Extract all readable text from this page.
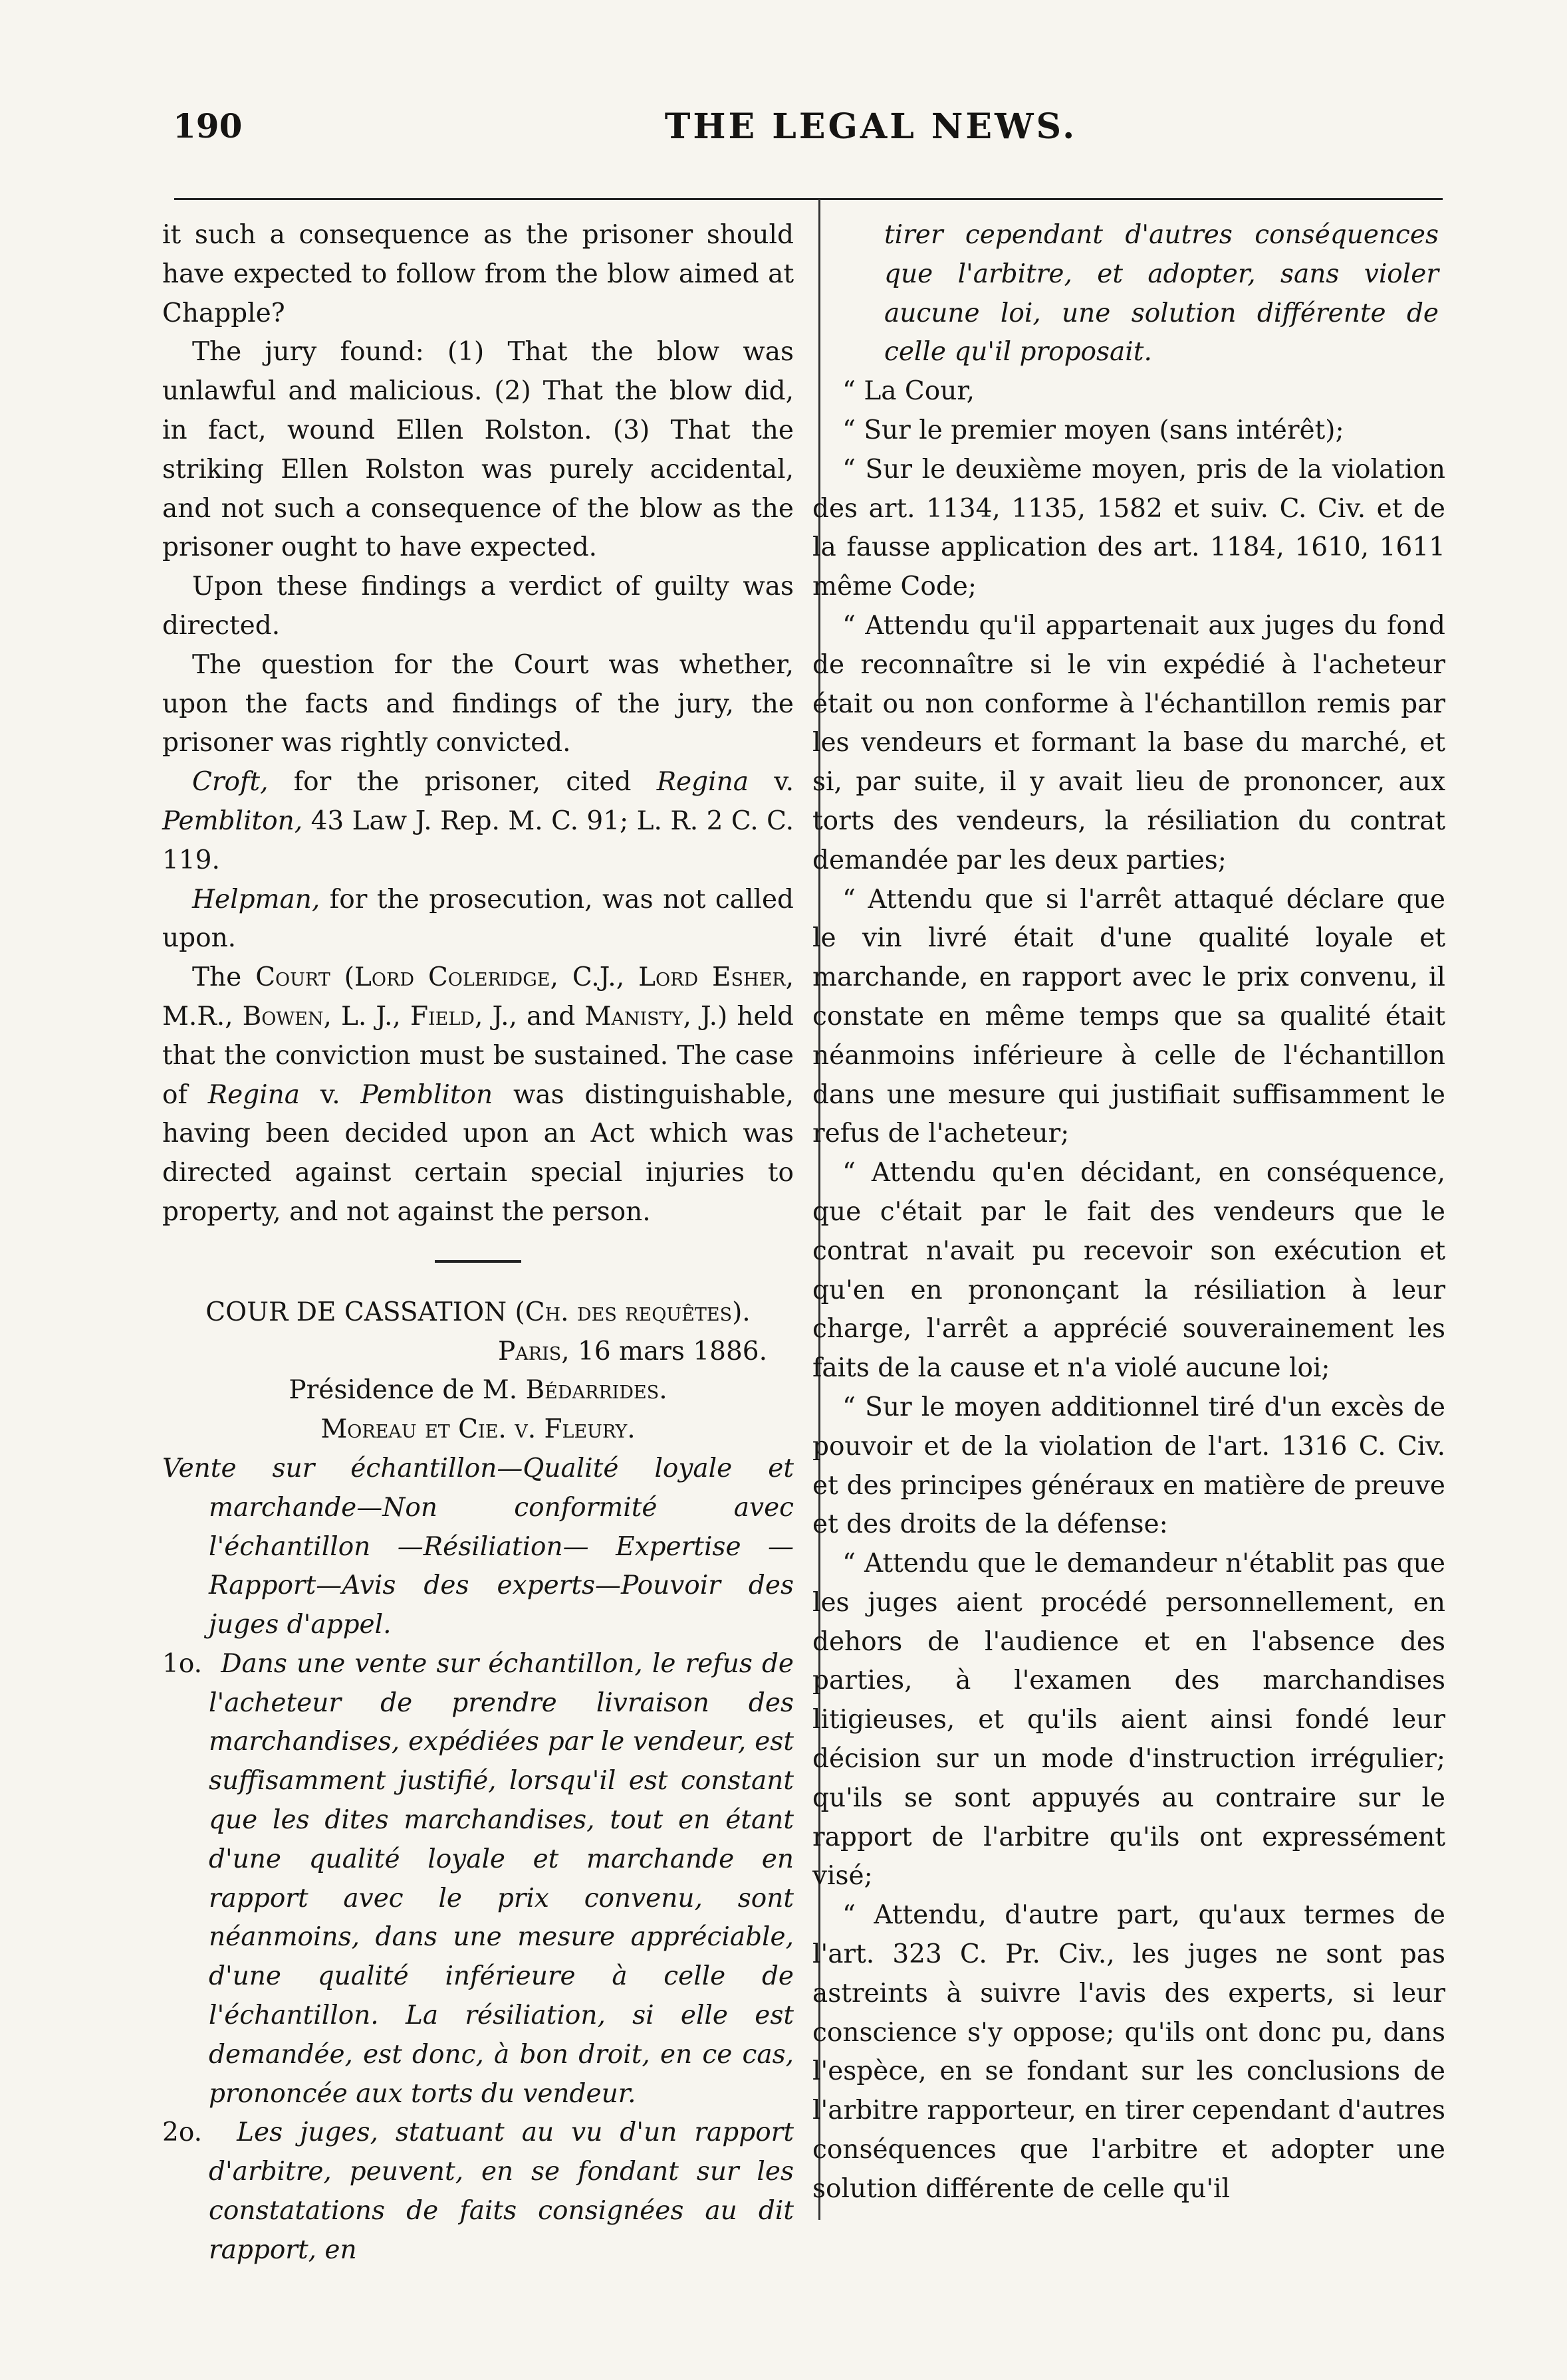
190	THE LEGAL NEWS.

it such a consequence as the prisoner should have expected to follow from the blow aimed at Chapple?

The jury found: (1) That the blow was unlawful and malicious. (2) That the blow did, in fact, wound Ellen Rolston. (3) That the striking Ellen Rolston was purely accidental, and not such a consequence of the blow as the prisoner ought to have expected.

Upon these findings a verdict of guilty was directed.

The question for the Court was whether, upon the facts and findings of the jury, the prisoner was rightly convicted.

Croft, for the prisoner, cited Regina v. Pembliton, 43 Law J. Rep. M. C. 91; L. R. 2 C. C. 119.

Helpman, for the prosecution, was not called upon.

The Court (Lord Coleridge, C.J., Lord Esher, M.R., Bowen, L. J., Field, J., and Manisty, J.) held that the conviction must be sustained. The case of Regina v. Pembliton was distinguishable, having been decided upon an Act which was directed against certain special injuries to property, and not against the person.

COUR DE CASSATION (Ch. des requêtes).

Paris, 16 mars 1886.

Présidence de M. Bédarrides.

Moreau et Cie. v. Fleury.

Vente sur échantillon—Qualité loyale et marchande—Non conformité avec l'échantillon —Résiliation— Expertise — Rapport—Avis des experts—Pouvoir des juges d'appel.

1o. Dans une vente sur échantillon, le refus de l'acheteur de prendre livraison des marchandises, expédiées par le vendeur, est suffisamment justifié, lorsqu'il est constant que les dites marchandises, tout en étant d'une qualité loyale et marchande en rapport avec le prix convenu, sont néanmoins, dans une mesure appréciable, d'une qualité inférieure à celle de l'échantillon. La résiliation, si elle est demandée, est donc, à bon droit, en ce cas, prononcée aux torts du vendeur.

2o. Les juges, statuant au vu d'un rapport d'arbitre, peuvent, en se fondant sur les constatations de faits consignées au dit rapport, en

tirer cependant d'autres conséquences que l'arbitre, et adopter, sans violer aucune loi, une solution différente de celle qu'il proposait.

“ La Cour,

“ Sur le premier moyen (sans intérêt);

“ Sur le deuxième moyen, pris de la violation des art. 1134, 1135, 1582 et suiv. C. Civ. et de la fausse application des art. 1184, 1610, 1611 même Code;

“ Attendu qu'il appartenait aux juges du fond de reconnaître si le vin expédié à l'acheteur était ou non conforme à l'échantillon remis par les vendeurs et formant la base du marché, et si, par suite, il y avait lieu de prononcer, aux torts des vendeurs, la résiliation du contrat demandée par les deux parties;

“ Attendu que si l'arrêt attaqué déclare que le vin livré était d'une qualité loyale et marchande, en rapport avec le prix convenu, il constate en même temps que sa qualité était néanmoins inférieure à celle de l'échantillon dans une mesure qui justifiait suffisamment le refus de l'acheteur;

“ Attendu qu'en décidant, en conséquence, que c'était par le fait des vendeurs que le contrat n'avait pu recevoir son exécution et qu'en en prononçant la résiliation à leur charge, l'arrêt a apprécié souverainement les faits de la cause et n'a violé aucune loi;

“ Sur le moyen additionnel tiré d'un excès de pouvoir et de la violation de l'art. 1316 C. Civ. et des principes généraux en matière de preuve et des droits de la défense:

“ Attendu que le demandeur n'établit pas que les juges aient procédé personnellement, en dehors de l'audience et en l'absence des parties, à l'examen des marchandises litigieuses, et qu'ils aient ainsi fondé leur décision sur un mode d'instruction irrégulier; qu'ils se sont appuyés au contraire sur le rapport de l'arbitre qu'ils ont expressément visé;

“ Attendu, d'autre part, qu'aux termes de l'art. 323 C. Pr. Civ., les juges ne sont pas astreints à suivre l'avis des experts, si leur conscience s'y oppose; qu'ils ont donc pu, dans l'espèce, en se fondant sur les conclusions de l'arbitre rapporteur, en tirer cependant d'autres conséquences que l'arbitre et adopter une solution différente de celle qu'il
